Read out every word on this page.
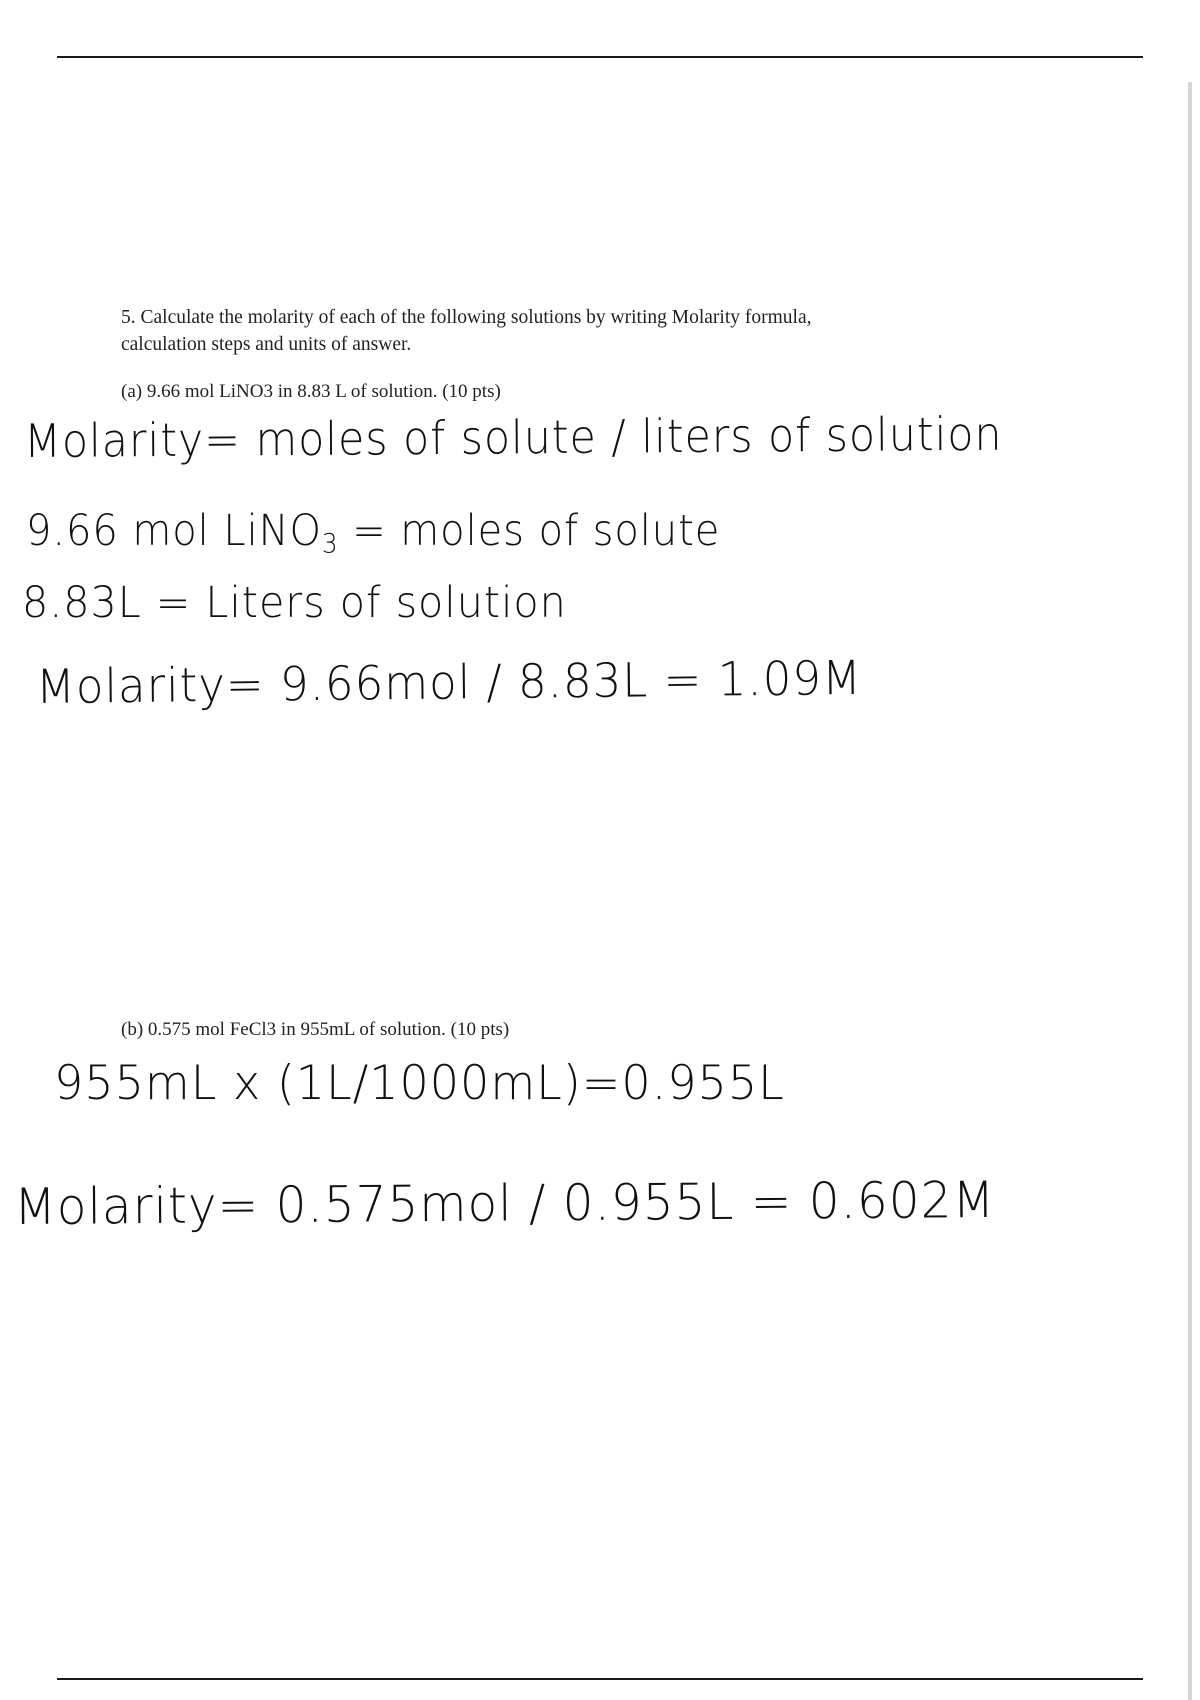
5. Calculate the molarity of each of the following solutions by writing Molarity formula,
calculation steps and units of answer.
(a) 9.66 mol LiNO3 in 8.83 L of solution. (10 pts)
Molarity= moles of solute / liters of solution
9.66 mol LiNO$_3$ = moles of solute
8.83L = Liters of solution
Molarity= 9.66mol / 8.83L = 1.09M
(b) 0.575 mol FeCl3 in 955mL of solution. (10 pts)
955mL x (1L/1000mL)=0.955L
Molarity= 0.575mol / 0.955L = 0.602M
